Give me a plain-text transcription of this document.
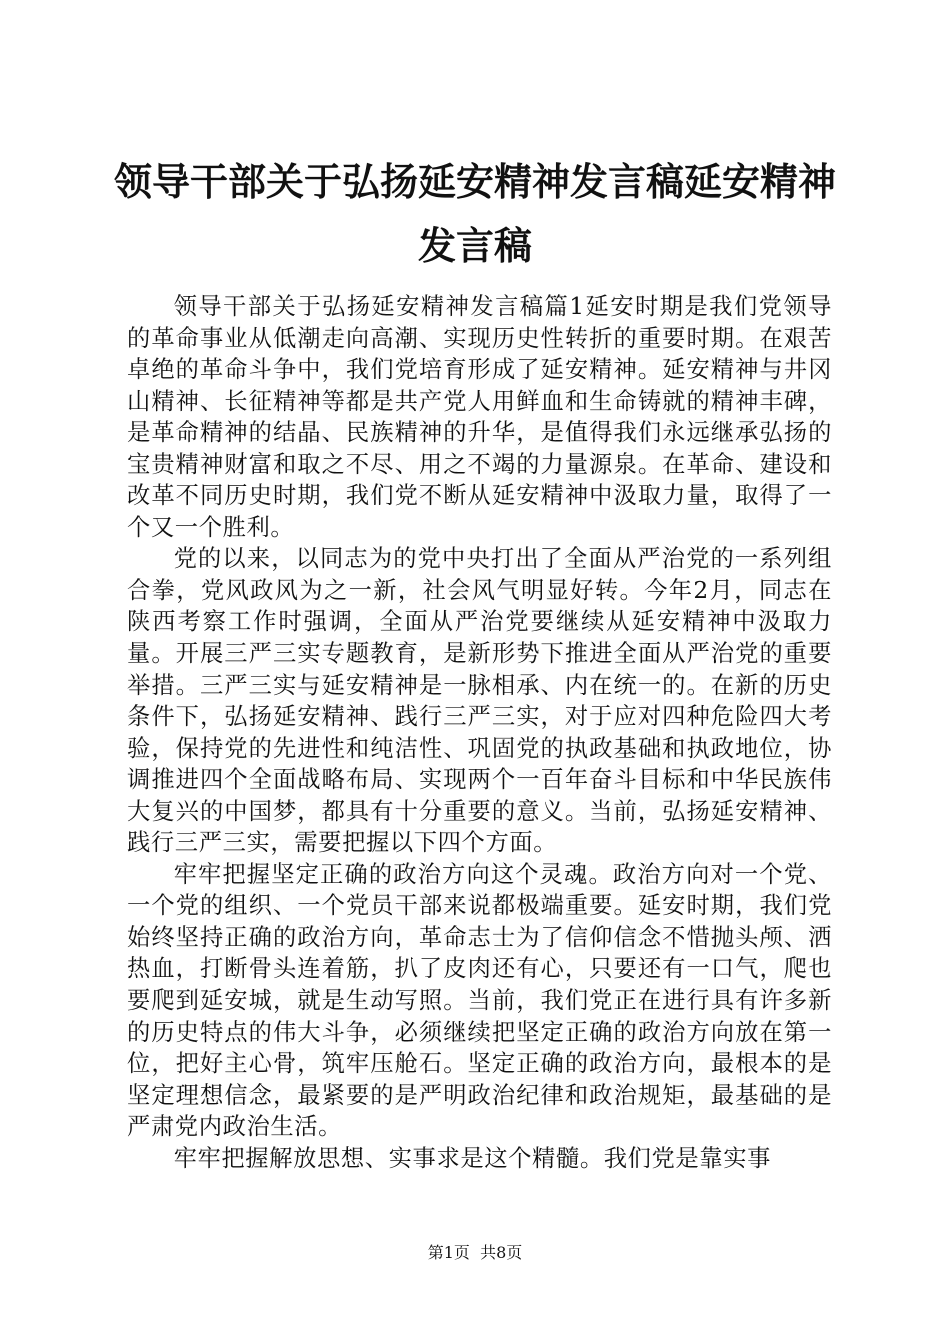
领导干部关于弘扬延安精神发言稿延安精神发言稿

领导干部关于弘扬延安精神发言稿篇1延安时期是我们党领导的革命事业从低潮走向高潮、实现历史性转折的重要时期。在艰苦卓绝的革命斗争中，我们党培育形成了延安精神。延安精神与井冈山精神、长征精神等都是共产党人用鲜血和生命铸就的精神丰碑，是革命精神的结晶、民族精神的升华，是值得我们永远继承弘扬的宝贵精神财富和取之不尽、用之不竭的力量源泉。在革命、建设和改革不同历史时期，我们党不断从延安精神中汲取力量，取得了一个又一个胜利。

党的以来，以同志为的党中央打出了全面从严治党的一系列组合拳，党风政风为之一新，社会风气明显好转。今年2月，同志在陕西考察工作时强调，全面从严治党要继续从延安精神中汲取力量。开展三严三实专题教育，是新形势下推进全面从严治党的重要举措。三严三实与延安精神是一脉相承、内在统一的。在新的历史条件下，弘扬延安精神、践行三严三实，对于应对四种危险四大考验，保持党的先进性和纯洁性、巩固党的执政基础和执政地位，协调推进四个全面战略布局、实现两个一百年奋斗目标和中华民族伟大复兴的中国梦，都具有十分重要的意义。当前，弘扬延安精神、践行三严三实，需要把握以下四个方面。

牢牢把握坚定正确的政治方向这个灵魂。政治方向对一个党、一个党的组织、一个党员干部来说都极端重要。延安时期，我们党始终坚持正确的政治方向，革命志士为了信仰信念不惜抛头颅、洒热血，打断骨头连着筋，扒了皮肉还有心，只要还有一口气，爬也要爬到延安城，就是生动写照。当前，我们党正在进行具有许多新的历史特点的伟大斗争，必须继续把坚定正确的政治方向放在第一位，把好主心骨，筑牢压舱石。坚定正确的政治方向，最根本的是坚定理想信念，最紧要的是严明政治纪律和政治规矩，最基础的是严肃党内政治生活。

牢牢把握解放思想、实事求是这个精髓。我们党是靠实事

第1页 共8页
